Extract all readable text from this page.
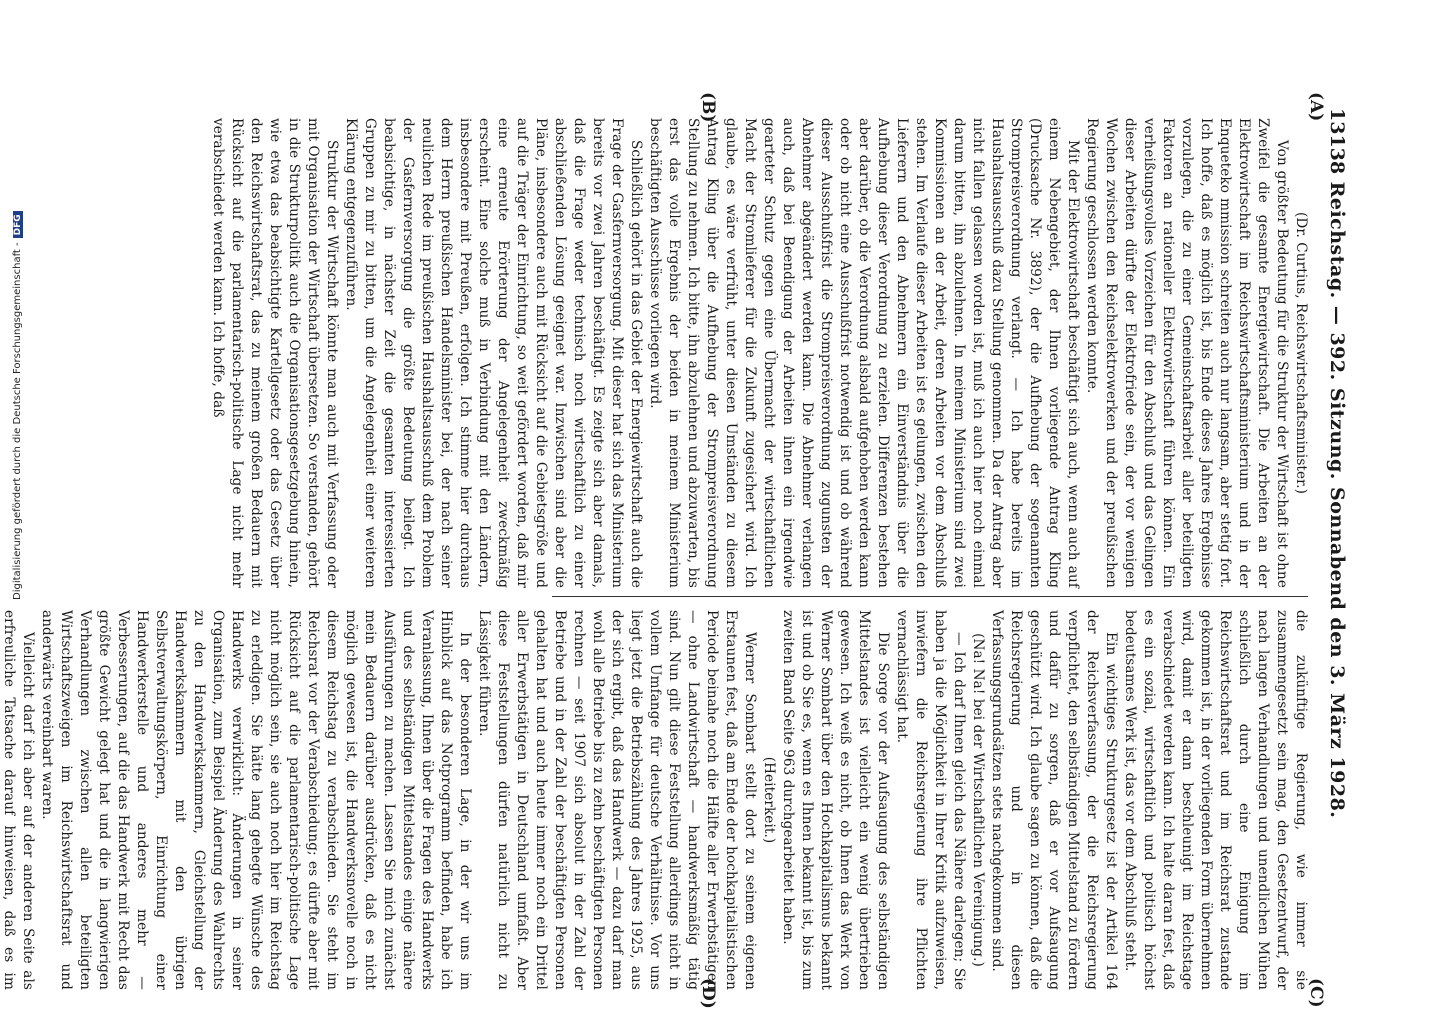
13138
Reichstag. — 392. Sitzung. Sonnabend den 3. März 1928.
(A)
(B)
(C)
(D)

(Dr. Curtius, Reichswirtschaftsminister.)

Von größter Bedeutung für die Struktur der Wirtschaft ist ohne Zweifel die gesamte Energiewirtschaft. Die Arbeiten an der Elektrowirtschaft im Reichswirtschaftsministerium und in der Enqueteko mmission schreiten auch nur langsam, aber stetig fort. Ich hoffe, daß es möglich ist, bis Ende dieses Jahres Ergebnisse vorzulegen, die zu einer Gemeinschaftsarbeit aller beteiligten Faktoren an rationeller Elektrowirtschaft führen können. Ein verheißungsvolles Vorzeichen für den Abschluß und das Gelingen dieser Arbeiten dürfte der Elektrofriede sein, der vor wenigen Wochen zwischen den Reichselektrowerken und der preußischen Regierung geschlossen werden konnte.

Mit der Elektrowirtschaft beschäftigt sich auch, wenn auch auf einem Nebengebiet, der Ihnen vorliegende Antrag Kling (Drucksache Nr. 3892), der die Aufhebung der sogenannten Strompreisverordnung verlangt. — Ich habe bereits im Haushaltsausschuß dazu Stellung genommen. Da der Antrag aber nicht fallen gelassen worden ist, muß ich auch hier noch einmal darum bitten, ihn abzulehnen. In meinem Ministerium sind zwei Kommissionen an der Arbeit, deren Arbeiten vor dem Abschluß stehen. Im Verlaufe dieser Arbeiten ist es gelungen, zwischen den Lieferern und den Abnehmern ein Einverständnis über die Aufhebung dieser Verordnung zu erzielen. Differenzen bestehen aber darüber, ob die Verordnung alsbald aufgehoben werden kann oder ob nicht eine Ausschußfrist notwendig ist und ob während dieser Ausschußfrist die Strompreisverordnung zugunsten der Abnehmer abgeändert werden kann. Die Abnehmer verlangen auch, daß bei Beendigung der Arbeiten ihnen ein irgendwie gearteter Schutz gegen eine Übermacht der wirtschaftlichen Macht der Stromlieferer für die Zukunft zugesichert wird. Ich glaube, es wäre verfrüht, unter diesen Umständen zu diesem Antrag Kling über die Aufhebung der Strompreisverordnung Stellung zu nehmen. Ich bitte, ihn abzulehnen und abzuwarten, bis erst das volle Ergebnis der beiden in meinem Ministerium beschäftigten Ausschüsse vorliegen wird.

Schließlich gehört in das Gebiet der Energiewirtschaft auch die Frage der Gasfernversorgung. Mit dieser hat sich das Ministerium bereits vor zwei Jahren beschäftigt. Es zeigte sich aber damals, daß die Frage weder technisch noch wirtschaftlich zu einer abschließenden Lösung geeignet war. Inzwischen sind aber die Pläne, insbesondere auch mit Rücksicht auf die Gebietsgröße und auf die Träger der Einrichtung, so weit gefördert worden, daß mir eine erneute Erörterung der Angelegenheit zweckmäßig erscheint. Eine solche muß in Verbindung mit den Ländern, insbesondere mit Preußen, erfolgen. Ich stimme hier durchaus dem Herrn preußischen Handelsminister bei, der nach seiner neulichen Rede im preußischen Haushaltsausschuß dem Problem der Gasfernversorgung die größte Bedeutung beilegt. Ich beabsichtige, in nächster Zeit die gesamten interessierten Gruppen zu mir zu bitten, um die Angelegenheit einer weiteren Klärung entgegenzuführen.

Struktur der Wirtschaft könnte man auch mit Verfassung oder mit Organisation der Wirtschaft übersetzen. So verstanden, gehört in die Strukturpolitik auch die Organisationsgesetzgebung hinein, wie etwa das beabsichtigte Kartellgesetz oder das Gesetz über den Reichswirtschaftsrat, das zu meinem großen Bedauern mit Rücksicht auf die parlamentarisch-politische Lage nicht mehr verabschiedet werden kann. Ich hoffe, daß

die zukünftige Regierung, wie immer sie zusammengesetzt sein mag, den Gesetzentwurf, der nach langen Verhandlungen und unendlichen Mühen schließlich durch eine Einigung im Reichswirtschaftsrat und im Reichsrat zustande gekommen ist, in der vorliegenden Form übernehmen wird, damit er dann beschleunigt im Reichstage verabschiedet werden kann. Ich halte daran fest, daß es ein sozial, wirtschaftlich und politisch höchst bedeutsames Werk ist, das vor dem Abschluß steht.

Ein wichtiges Strukturgesetz ist der Artikel 164 der Reichsverfassung, der die Reichsregierung verpflichtet, den selbständigen Mittelstand zu fördern und dafür zu sorgen, daß er vor Aufsaugung geschützt wird. Ich glaube sagen zu können, daß die Reichsregierung und in diesen Verfassungsgrundsätzen stets nachgekommen sind.

(Na! Na! bei der Wirtschaftlichen Vereinigung.)

— Ich darf Ihnen gleich das Nähere darlegen; Sie haben ja die Möglichkeit in Ihrer Kritik aufzuweisen, inwiefern die Reichsregierung ihre Pflichten vernachlässigt hat.

Die Sorge vor der Aufsaugung des selbständigen Mittelstandes ist vielleicht ein wenig übertrieben gewesen. Ich weiß es nicht, ob Ihnen das Werk von Werner Sombart über den Hochkapitalismus bekannt ist und ob Sie es, wenn es Ihnen bekannt ist, bis zum zweiten Band Seite 963 durchgearbeitet haben.

(Heiterkeit.)

Werner Sombart stellt dort zu seinem eigenen Erstaunen fest, daß am Ende der hochkapitalistischen Periode beinahe noch die Hälfte aller Erwerbstätigen — ohne Landwirtschaft — handwerksmäßig tätig sind. Nun gilt diese Feststellung allerdings nicht in vollem Umfange für deutsche Verhältnisse. Vor uns liegt jetzt die Betriebszählung des Jahres 1925, aus der sich ergibt, daß das Handwerk — dazu darf man wohl alle Betriebe bis zu zehn beschäftigten Personen rechnen — seit 1907 sich absolut in der Zahl der Betriebe und in der Zahl der beschäftigten Personen gehalten hat und auch heute immer noch ein Drittel aller Erwerbstätigen in Deutschland umfaßt. Aber diese Feststellungen dürfen natürlich nicht zu Lässigkeit führen.

In der besonderen Lage, in der wir uns im Hinblick auf das Notprogramm befinden, habe ich Veranlassung, Ihnen über die Fragen des Handwerks und des selbständigen Mittelstandes einige nähere Ausführungen zu machen. Lassen Sie mich zunächst mein Bedauern darüber ausdrücken, daß es nicht möglich gewesen ist, die Handwerksnovelle noch in diesem Reichstag zu verabschieden. Sie steht im Reichsrat vor der Verabschiedung; es dürfte aber mit Rücksicht auf die parlamentarisch-politische Lage nicht möglich sein, sie auch noch hier im Reichstag zu erledigen. Sie hätte lang gehegte Wünsche des Handwerks verwirklicht: Änderungen in seiner Organisation, zum Beispiel Änderung des Wahlrechts zu den Handwerkskammern, Gleichstellung der Handwerkskammern mit den übrigen Selbstverwaltungskörpern, Einrichtung einer Handwerkerstelle und anderes mehr — Verbesserungen, auf die das Handwerk mit Recht das größte Gewicht gelegt hat und die in langwierigen Verhandlungen zwischen allen beteiligten Wirtschaftszweigen im Reichswirtschaftsrat und anderwärts vereinbart waren.

Vielleicht darf ich aber auf der anderen Seite als erfreuliche Tatsache darauf hinweisen, daß es im

Digitalisierung gefördert durch die Deutsche Forschungsgemeinschaft -DFG
